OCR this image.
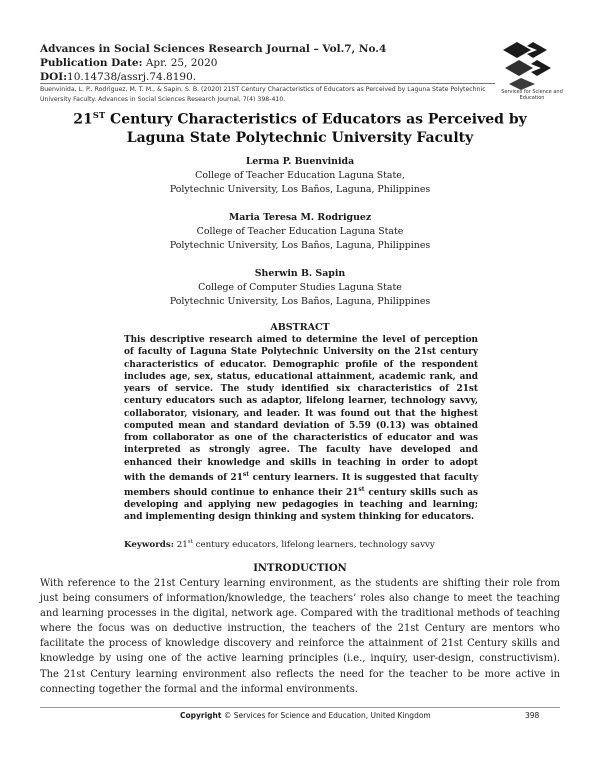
Advances in Social Sciences Research Journal – Vol.7, No.4
Publication Date: Apr. 25, 2020
DOI:10.14738/assrj.74.8190.
Buenvinida, L. P., Rodriguez, M. T. M., & Sapin, S. B. (2020) 21ST Century Characteristics of Educators as Perceived by Laguna State Polytechnic University Faculty. Advances in Social Sciences Research Journal, 7(4) 398-410.
Services for Science and Education
21ST Century Characteristics of Educators as Perceived by Laguna State Polytechnic University Faculty
Lerma P. Buenvinida
College of Teacher Education Laguna State,
Polytechnic University, Los Baños, Laguna, Philippines
Maria Teresa M. Rodriguez
College of Teacher Education Laguna State
Polytechnic University, Los Baños, Laguna, Philippines
Sherwin B. Sapin
College of Computer Studies Laguna State
Polytechnic University, Los Baños, Laguna, Philippines
ABSTRACT
This descriptive research aimed to determine the level of perception of faculty of Laguna State Polytechnic University on the 21st century characteristics of educator. Demographic profile of the respondent includes age, sex, status, educational attainment, academic rank, and years of service. The study identified six characteristics of 21st century educators such as adaptor, lifelong learner, technology savvy, collaborator, visionary, and leader. It was found out that the highest computed mean and standard deviation of 5.59 (0.13) was obtained from collaborator as one of the characteristics of educator and was interpreted as strongly agree. The faculty have developed and enhanced their knowledge and skills in teaching in order to adopt with the demands of 21st century learners. It is suggested that faculty members should continue to enhance their 21st century skills such as developing and applying new pedagogies in teaching and learning; and implementing design thinking and system thinking for educators.
Keywords: 21st century educators, lifelong learners, technology savvy
INTRODUCTION
With reference to the 21st Century learning environment, as the students are shifting their role from just being consumers of information/knowledge, the teachers’ roles also change to meet the teaching and learning processes in the digital, network age. Compared with the traditional methods of teaching where the focus was on deductive instruction, the teachers of the 21st Century are mentors who facilitate the process of knowledge discovery and reinforce the attainment of 21st Century skills and knowledge by using one of the active learning principles (i.e., inquiry, user-design, constructivism). The 21st Century learning environment also reflects the need for the teacher to be more active in connecting together the formal and the informal environments.
Copyright © Services for Science and Education, United Kingdom	398
